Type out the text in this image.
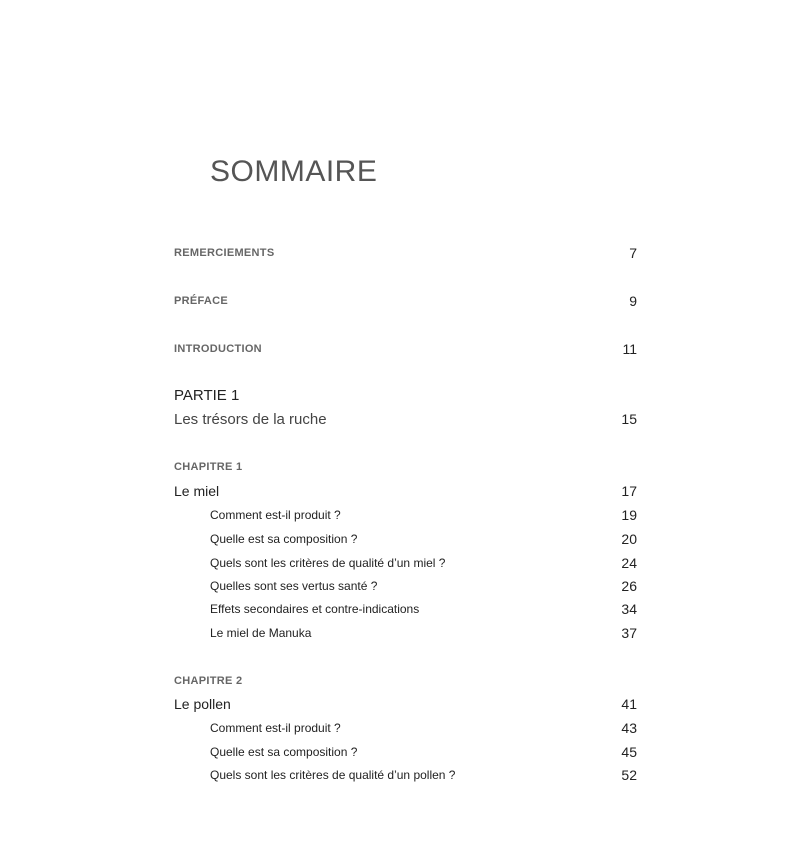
SOMMAIRE
REMERCIEMENTS	7
PRÉFACE	9
INTRODUCTION	11
PARTIE 1
Les trésors de la ruche	15
CHAPITRE 1
Le miel	17
Comment est-il produit ?	19
Quelle est sa composition ?	20
Quels sont les critères de qualité d’un miel ?	24
Quelles sont ses vertus santé ?	26
Effets secondaires et contre-indications	34
Le miel de Manuka	37
CHAPITRE 2
Le pollen	41
Comment est-il produit ?	43
Quelle est sa composition ?	45
Quels sont les critères de qualité d’un pollen ?	52
